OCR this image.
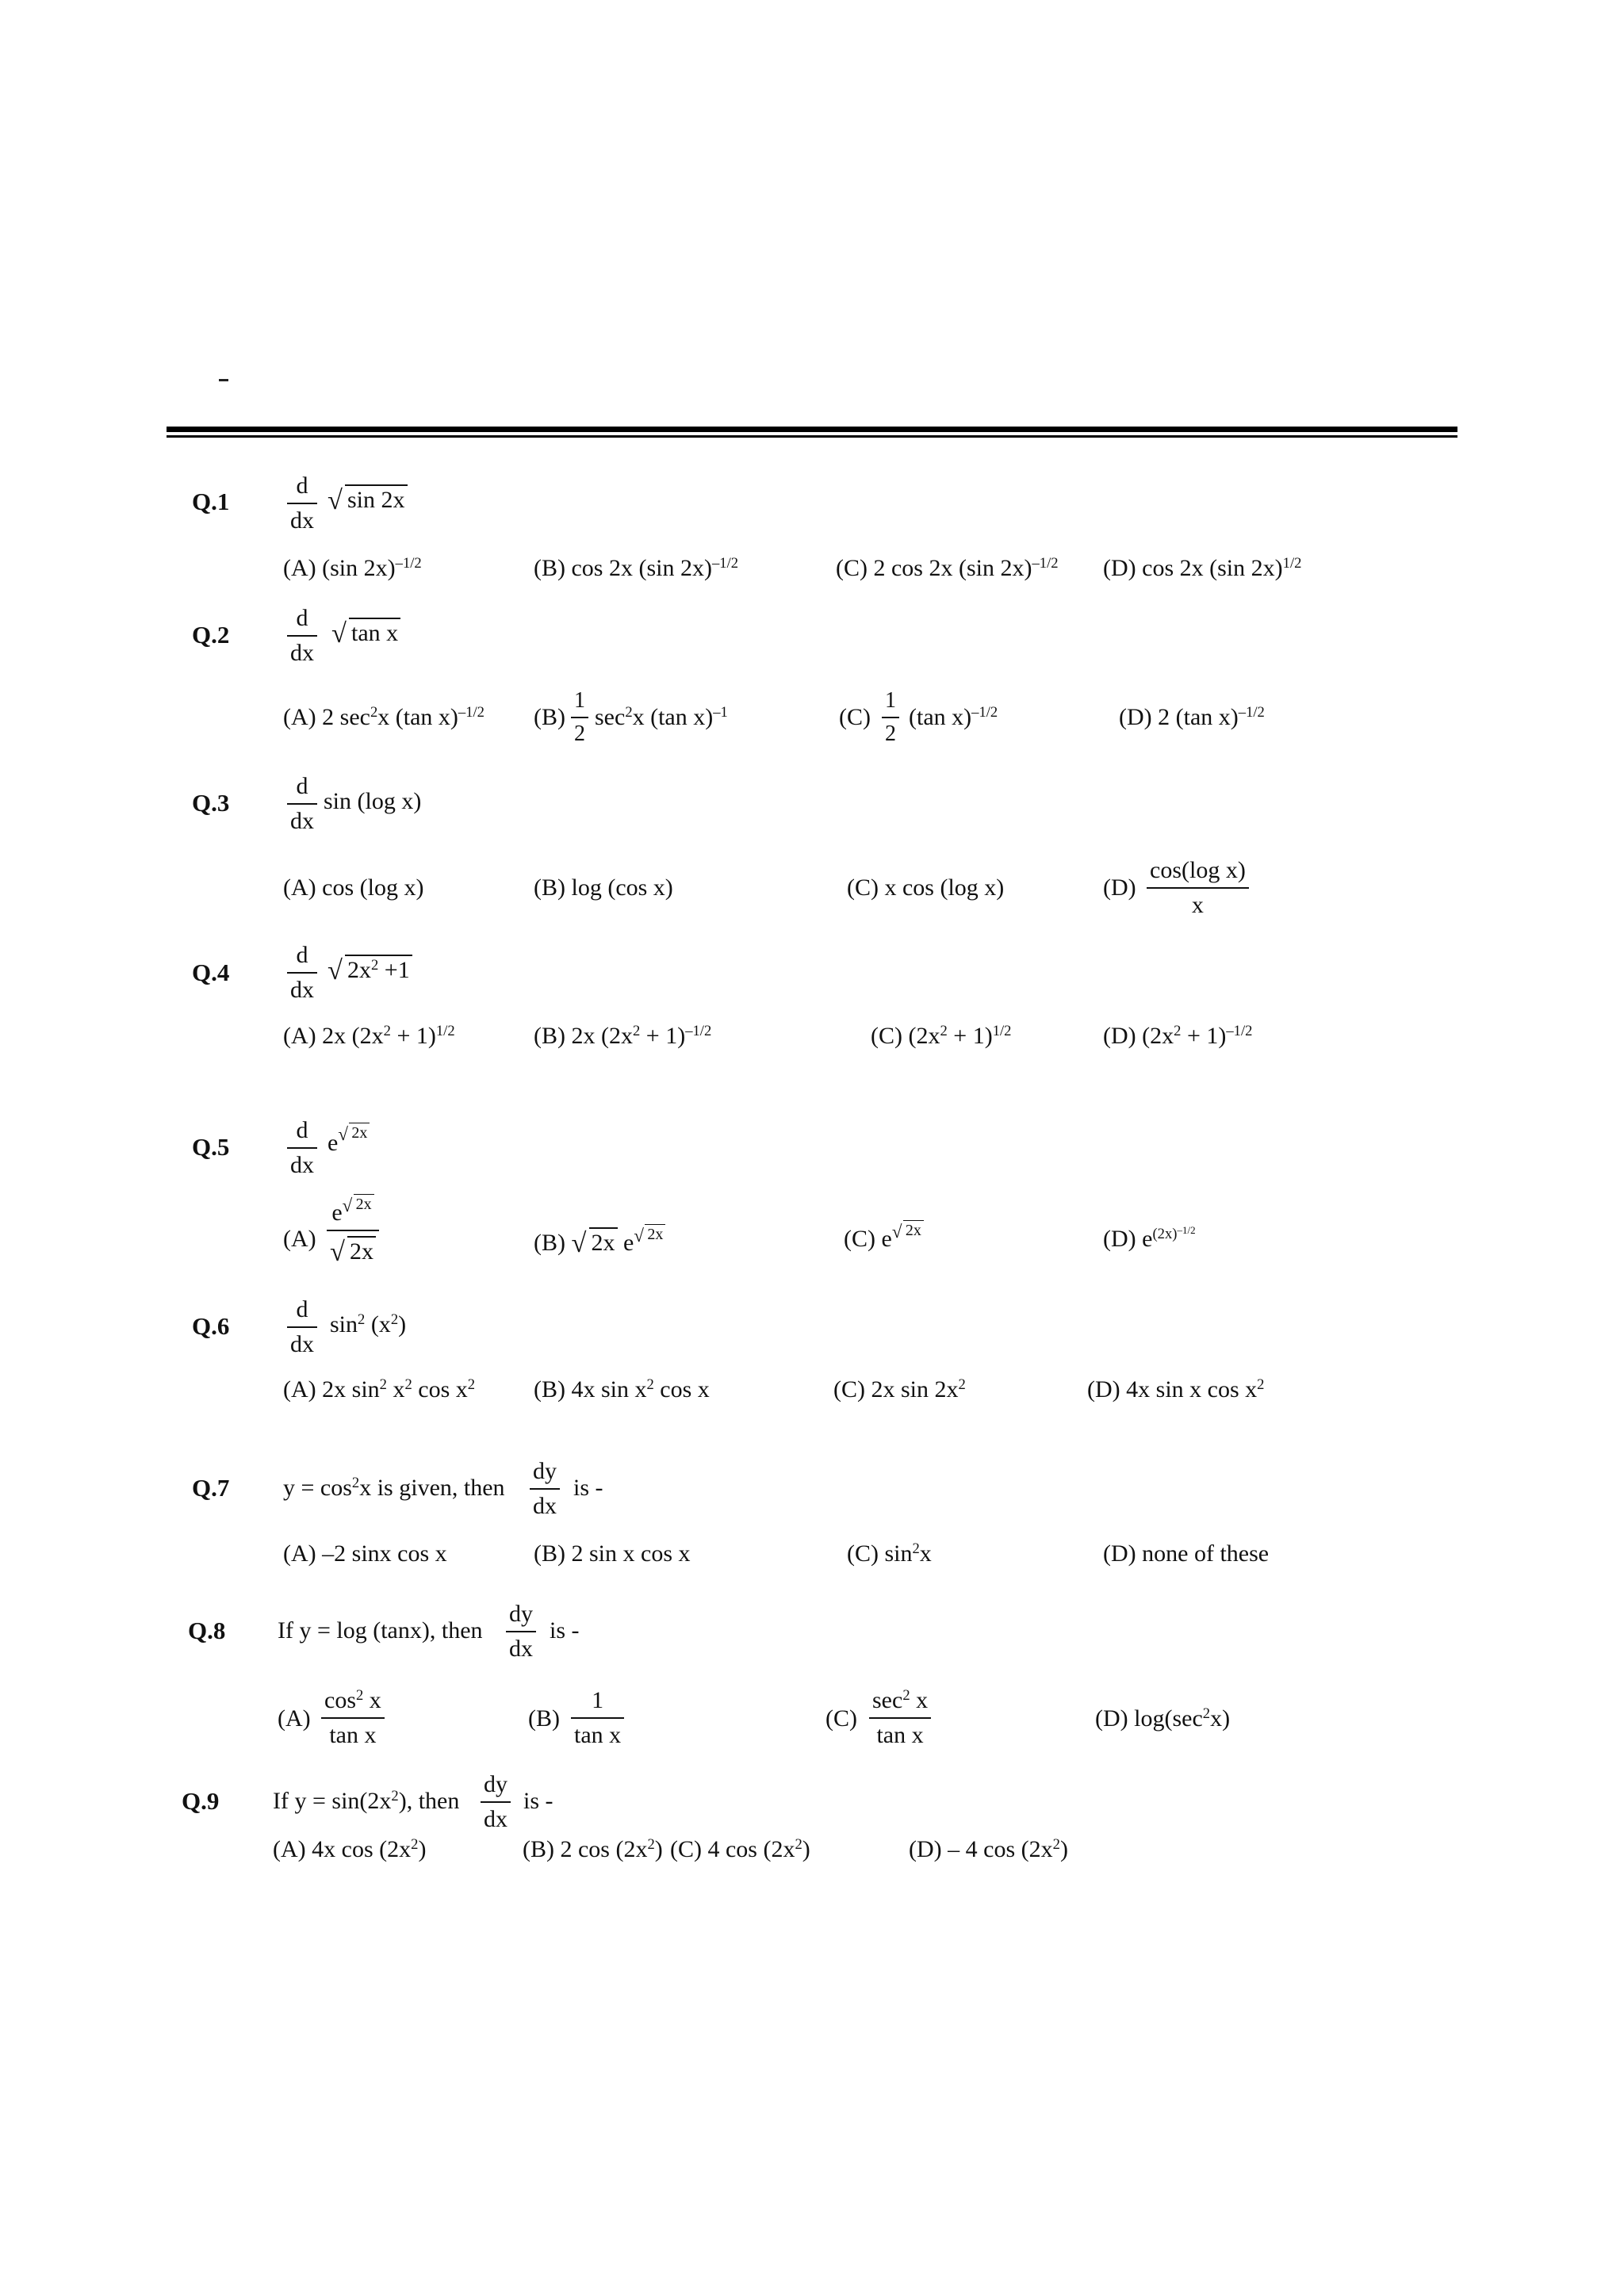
Q.1
d
dx
√ sin 2x
(A) (sin 2x)$^{-1/2}$	(B) cos 2x (sin 2x)$^{-1/2}$	(C) 2 cos 2x (sin 2x)$^{-1/2}$ (D) cos 2x (sin 2x)$^{1/2}$
Q.2
d
dx
√ tan x
(A) 2 $\sec^2x$ (tan x)$^{-1/2}$ (B)
1
2
$\sec^2x$ (tan x)$^{-1}$	(C)
1
2
(tan x)$^{-1/2}$	(D) 2 (tan x)$^{-1/2}$
Q.3
d
dx
sin (log x)
(A) cos (log x)	(B) log (cos x)	(C) x cos (log x)	(D)
cos(log x)
x
Q.4
d
dx
√ $2x^2 +1$
(A) 2x $(2x^2 + 1)^{1/2}$	(B) 2x $(2x^2 + 1)^{-1/2}$	(C) $(2x^2 + 1)^{1/2}$	(D) $(2x^2 + 1)^{-1/2}$
Q.5
d
dx
e $^{√ 2x}$
(A)
e $^{√ 2x}$
√ 2x	(B) √ 2x e $^{√ 2x}$	(C) e $^{√ 2x}$	(D) $e^{(2x)^{-1/2}}$
Q.6
d
dx
$\sin^2 (x^2)$
(A) 2x $\sin^2 x^2$ $\cos x^2$ (B) 4x $\sin x^2$ cos x	(C) 2x $\sin 2x^2$	(D) 4x sin x $\cos x^2$
Q.7 $y = \cos^2x$ is given, then
dy
dx
is -
(A) –2 sinx cos x	(B) 2 sin x cos x	(C) $\sin^2x$	(D) none of these
Q.8 If y = log (tanx), then
dy
dx
is -
(A)
$\cos^2 x$
tan x
(B)
1
tan x
(C)
$\sec^2 x$
tan x
(D) $\log(\sec^2x)$
Q.9 If $y = \sin(2x^2)$, then
dy
dx
is -
(A) 4x $\cos (2x^2)$	(B) 2 $\cos (2x^2)$ (C) 4 $\cos (2x^2)$	(D) – 4 $\cos (2x^2)$
